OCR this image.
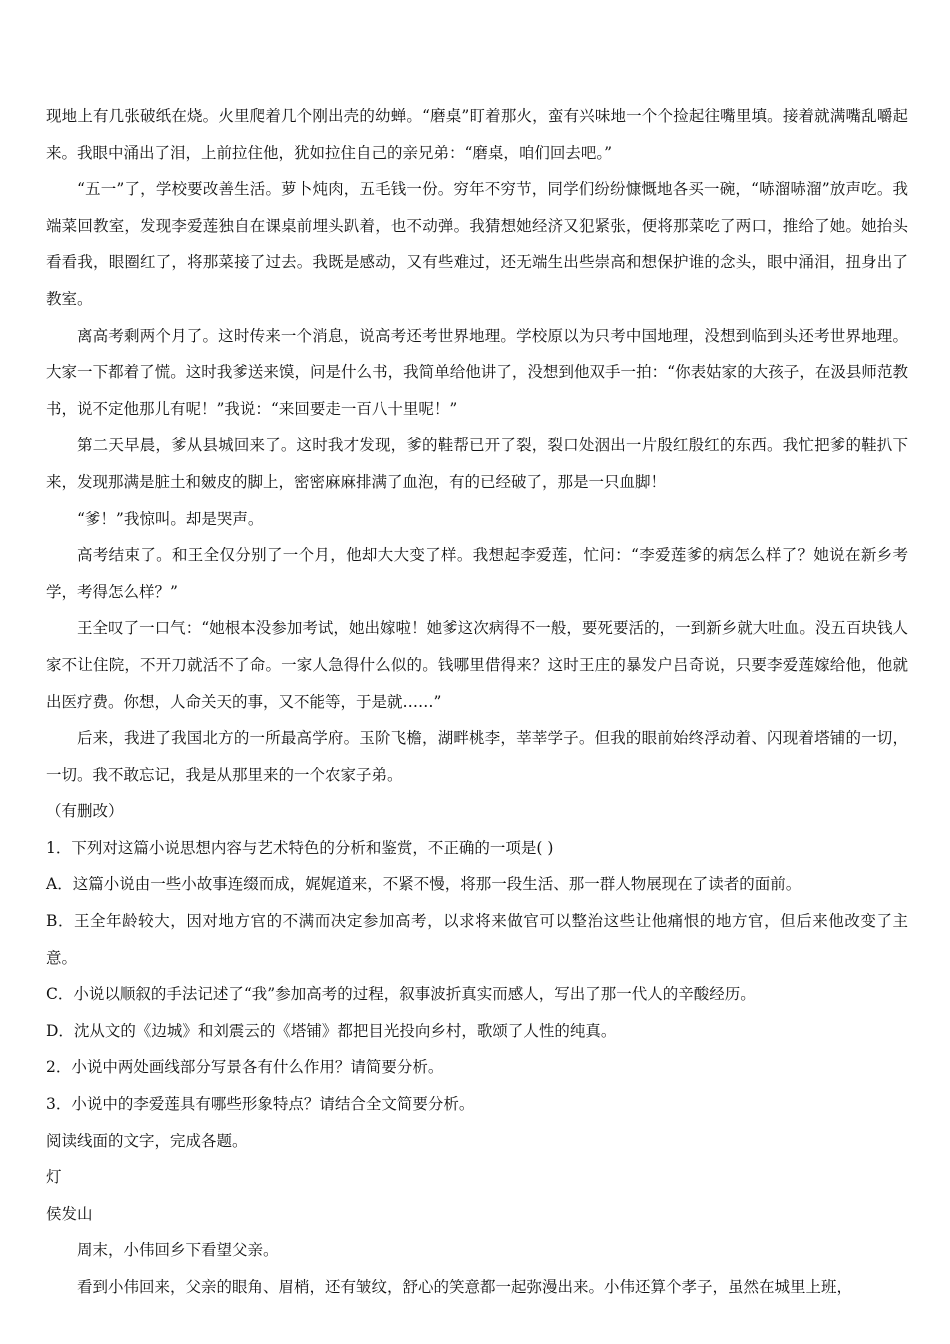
现地上有几张破纸在烧。火里爬着几个刚出壳的幼蝉。“磨桌”盯着那火，蛮有兴味地一个个捡起往嘴里填。接着就满嘴乱嚼起来。我眼中涌出了泪，上前拉住他，犹如拉住自己的亲兄弟：“磨桌，咱们回去吧。”

“五一”了，学校要改善生活。萝卜炖肉，五毛钱一份。穷年不穷节，同学们纷纷慷慨地各买一碗，“哧溜哧溜”放声吃。我端菜回教室，发现李爱莲独自在课桌前埋头趴着，也不动弹。我猜想她经济又犯紧张，便将那菜吃了两口，推给了她。她抬头看看我，眼圈红了，将那菜接了过去。我既是感动，又有些难过，还无端生出些崇高和想保护谁的念头，眼中涌泪，扭身出了教室。

离高考剩两个月了。这时传来一个消息，说高考还考世界地理。学校原以为只考中国地理，没想到临到头还考世界地理。大家一下都着了慌。这时我爹送来馍，问是什么书，我简单给他讲了，没想到他双手一拍：“你表姑家的大孩子，在汲县师范教书，说不定他那儿有呢！”我说：“来回要走一百八十里呢！”

第二天早晨，爹从县城回来了。这时我才发现，爹的鞋帮已开了裂，裂口处洇出一片殷红殷红的东西。我忙把爹的鞋扒下来，发现那满是脏土和皴皮的脚上，密密麻麻排满了血泡，有的已经破了，那是一只血脚！

“爹！”我惊叫。却是哭声。

高考结束了。和王全仅分别了一个月，他却大大变了样。我想起李爱莲，忙问：“李爱莲爹的病怎么样了？她说在新乡考学，考得怎么样？”

王全叹了一口气：“她根本没参加考试，她出嫁啦！她爹这次病得不一般，要死要活的，一到新乡就大吐血。没五百块钱人家不让住院，不开刀就活不了命。一家人急得什么似的。钱哪里借得来？这时王庄的暴发户吕奇说，只要李爱莲嫁给他，他就出医疗费。你想，人命关天的事，又不能等，于是就……”

后来，我进了我国北方的一所最高学府。玉阶飞檐，湖畔桃李，莘莘学子。但我的眼前始终浮动着、闪现着塔铺的一切，一切。我不敢忘记，我是从那里来的一个农家子弟。

（有删改）

1．下列对这篇小说思想内容与艺术特色的分析和鉴赏，不正确的一项是( )

A．这篇小说由一些小故事连缀而成，娓娓道来，不紧不慢，将那一段生活、那一群人物展现在了读者的面前。

B．王全年龄较大，因对地方官的不满而决定参加高考，以求将来做官可以整治这些让他痛恨的地方官，但后来他改变了主意。

C．小说以顺叙的手法记述了“我”参加高考的过程，叙事波折真实而感人，写出了那一代人的辛酸经历。

D．沈从文的《边城》和刘震云的《塔铺》都把目光投向乡村，歌颂了人性的纯真。

2．小说中两处画线部分写景各有什么作用？请简要分析。

3．小说中的李爱莲具有哪些形象特点？请结合全文简要分析。

阅读线面的文字，完成各题。

灯

侯发山

周末，小伟回乡下看望父亲。

看到小伟回来，父亲的眼角、眉梢，还有皱纹，舒心的笑意都一起弥漫出来。小伟还算个孝子，虽然在城里上班，
